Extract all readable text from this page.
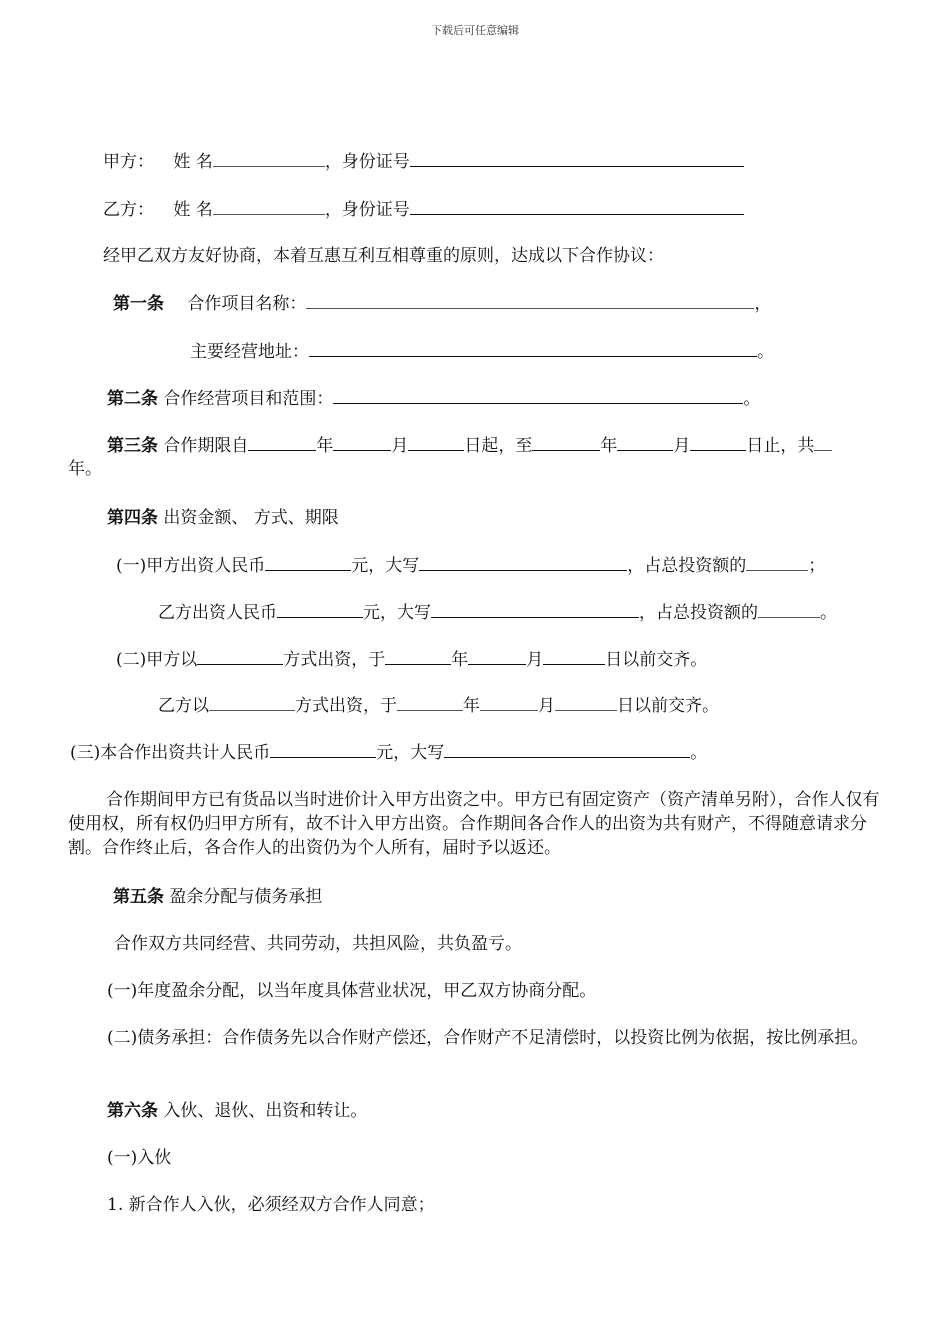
下载后可任意编辑
甲方： 姓 名	，身份证号
乙方： 姓 名	，身份证号
经甲乙双方友好协商，本着互惠互利互相尊重的原则，达成以下合作协议：
第一条 合作项目名称：	，
主要经营地址：	。
第二条 合作经营项目和范围：	。
第三条 合作期限自	年	月	日起，至	年	月	日止，共
年。
第四条 出资金额、 方式、期限
(一)甲方出资人民币	元，大写	，占总投资额的	；
乙方出资人民币	元，大写	，占总投资额的	。
(二)甲方以	方式出资，于	年	月	日以前交齐。
乙方以	方式出资，于	年	月	日以前交齐。
(三)本合作出资共计人民币	元，大写	。
合作期间甲方已有货品以当时进价计入甲方出资之中。甲方已有固定资产（资产清单另附），合作人仅有使用权，所有权仍归甲方所有，故不计入甲方出资。合作期间各合作人的出资为共有财产，不得随意请求分割。合作终止后，各合作人的出资仍为个人所有，届时予以返还。
第五条 盈余分配与债务承担
合作双方共同经营、共同劳动，共担风险，共负盈亏。
(一)年度盈余分配，以当年度具体营业状况，甲乙双方协商分配。
(二)债务承担：合作债务先以合作财产偿还，合作财产不足清偿时，以投资比例为依据，按比例承担。
第六条 入伙、退伙、出资和转让。
(一)入伙
1. 新合作人入伙，必须经双方合作人同意；
